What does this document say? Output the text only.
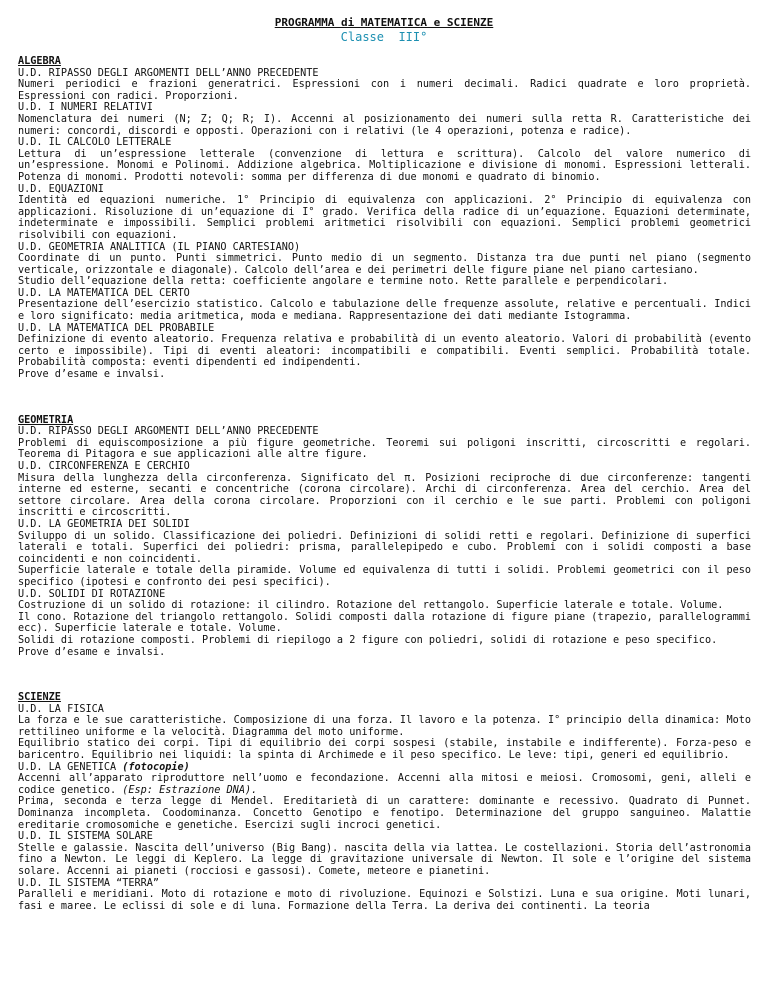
PROGRAMMA di MATEMATICA e SCIENZE
Classe  III°
ALGEBRA
U.D. RIPASSO DEGLI ARGOMENTI DELL’ANNO PRECEDENTE
Numeri periodici e frazioni generatrici. Espressioni con i numeri decimali. Radici quadrate e loro proprietà. Espressioni con radici. Proporzioni.
U.D. I NUMERI RELATIVI
Nomenclatura dei numeri (N; Z; Q; R; I). Accenni al posizionamento dei numeri sulla retta R. Caratteristiche dei numeri: concordi, discordi e opposti. Operazioni con i relativi (le 4 operazioni, potenza e radice).
U.D. IL CALCOLO LETTERALE
Lettura di un’espressione letterale (convenzione di lettura e scrittura). Calcolo del valore numerico di un’espressione. Monomi e Polinomi. Addizione algebrica. Moltiplicazione e divisione di monomi. Espressioni letterali. Potenza di monomi. Prodotti notevoli: somma per differenza di due monomi e quadrato di binomio.
U.D. EQUAZIONI
Identità ed equazioni numeriche. 1° Principio di equivalenza con applicazioni. 2° Principio di equivalenza con applicazioni. Risoluzione di un’equazione di I° grado. Verifica della radice di un’equazione. Equazioni determinate, indeterminate e impossibili. Semplici problemi aritmetici risolvibili con equazioni. Semplici problemi geometrici risolvibili con equazioni.
U.D. GEOMETRIA ANALITICA (IL PIANO CARTESIANO)
Coordinate di un punto. Punti simmetrici. Punto medio di un segmento. Distanza tra due punti nel piano (segmento verticale, orizzontale e diagonale). Calcolo dell’area e dei perimetri delle figure piane nel piano cartesiano.
Studio dell’equazione della retta: coefficiente angolare e termine noto. Rette parallele e perpendicolari.
U.D. LA MATEMATICA DEL CERTO
Presentazione dell’esercizio statistico. Calcolo e tabulazione delle frequenze assolute, relative e percentuali. Indici e loro significato: media aritmetica, moda e mediana. Rappresentazione dei dati mediante Istogramma.
U.D. LA MATEMATICA DEL PROBABILE
Definizione di evento aleatorio. Frequenza relativa e probabilità di un evento aleatorio. Valori di probabilità (evento certo e impossibile). Tipi di eventi aleatori: incompatibili e compatibili. Eventi semplici. Probabilità totale. Probabilità composta: eventi dipendenti ed indipendenti.
Prove d’esame e invalsi.
GEOMETRIA
U.D. RIPASSO DEGLI ARGOMENTI DELL’ANNO PRECEDENTE
Problemi di equiscomposizione a più figure geometriche. Teoremi sui poligoni inscritti, circoscritti e regolari. Teorema di Pitagora e sue applicazioni alle altre figure.
U.D. CIRCONFERENZA E CERCHIO
Misura della lunghezza della circonferenza. Significato del π. Posizioni reciproche di due circonferenze: tangenti interne ed esterne, secanti e concentriche (corona circolare). Archi di circonferenza. Area del cerchio. Area del settore circolare. Area della corona circolare. Proporzioni con il cerchio e le sue parti. Problemi con poligoni inscritti e circoscritti.
U.D. LA GEOMETRIA DEI SOLIDI
Sviluppo di un solido. Classificazione dei poliedri. Definizioni di solidi retti e regolari. Definizione di superfici laterali e totali. Superfici dei poliedri: prisma, parallelepipedo e cubo. Problemi con i solidi composti a base coincidenti e non coincidenti.
Superficie laterale e totale della piramide. Volume ed equivalenza di tutti i solidi. Problemi geometrici con il peso specifico (ipotesi e confronto dei pesi specifici).
U.D. SOLIDI DI ROTAZIONE
Costruzione di un solido di rotazione: il cilindro. Rotazione del rettangolo. Superficie laterale e totale. Volume.
Il cono. Rotazione del triangolo rettangolo. Solidi composti dalla rotazione di figure piane (trapezio, parallelogrammi ecc). Superficie laterale e totale. Volume.
Solidi di rotazione composti. Problemi di riepilogo a 2 figure con poliedri, solidi di rotazione e peso specifico.
Prove d’esame e invalsi.
SCIENZE
U.D. LA FISICA
La forza e le sue caratteristiche. Composizione di una forza. Il lavoro e la potenza. I° principio della dinamica: Moto rettilineo uniforme e la velocità. Diagramma del moto uniforme.
Equilibrio statico dei corpi. Tipi di equilibrio dei corpi sospesi (stabile, instabile e indifferente). Forza-peso e baricentro. Equilibrio nei liquidi: la spinta di Archimede e il peso specifico. Le leve: tipi, generi ed equilibrio.
U.D. LA GENETICA (fotocopie)
Accenni all’apparato riproduttore nell’uomo e fecondazione. Accenni alla mitosi e meiosi. Cromosomi, geni, alleli e codice genetico. (Esp: Estrazione DNA).
Prima, seconda e terza legge di Mendel. Ereditarietà di un carattere: dominante e recessivo. Quadrato di Punnet. Dominanza incompleta. Coodominanza. Concetto Genotipo e fenotipo. Determinazione del gruppo sanguineo. Malattie ereditarie cromosomiche e genetiche. Esercizi sugli incroci genetici.
U.D. IL SISTEMA SOLARE
Stelle e galassie. Nascita dell’universo (Big Bang). nascita della via lattea. Le costellazioni. Storia dell’astronomia fino a Newton. Le leggi di Keplero. La legge di gravitazione universale di Newton. Il sole e l’origine del sistema solare. Accenni ai pianeti (rocciosi e gassosi). Comete, meteore e pianetini.
U.D. IL SISTEMA “TERRA”
Paralleli e meridiani. Moto di rotazione e moto di rivoluzione. Equinozi e Solstizi. Luna e sua origine. Moti lunari, fasi e maree. Le eclissi di sole e di luna. Formazione della Terra. La deriva dei continenti. La teoria
